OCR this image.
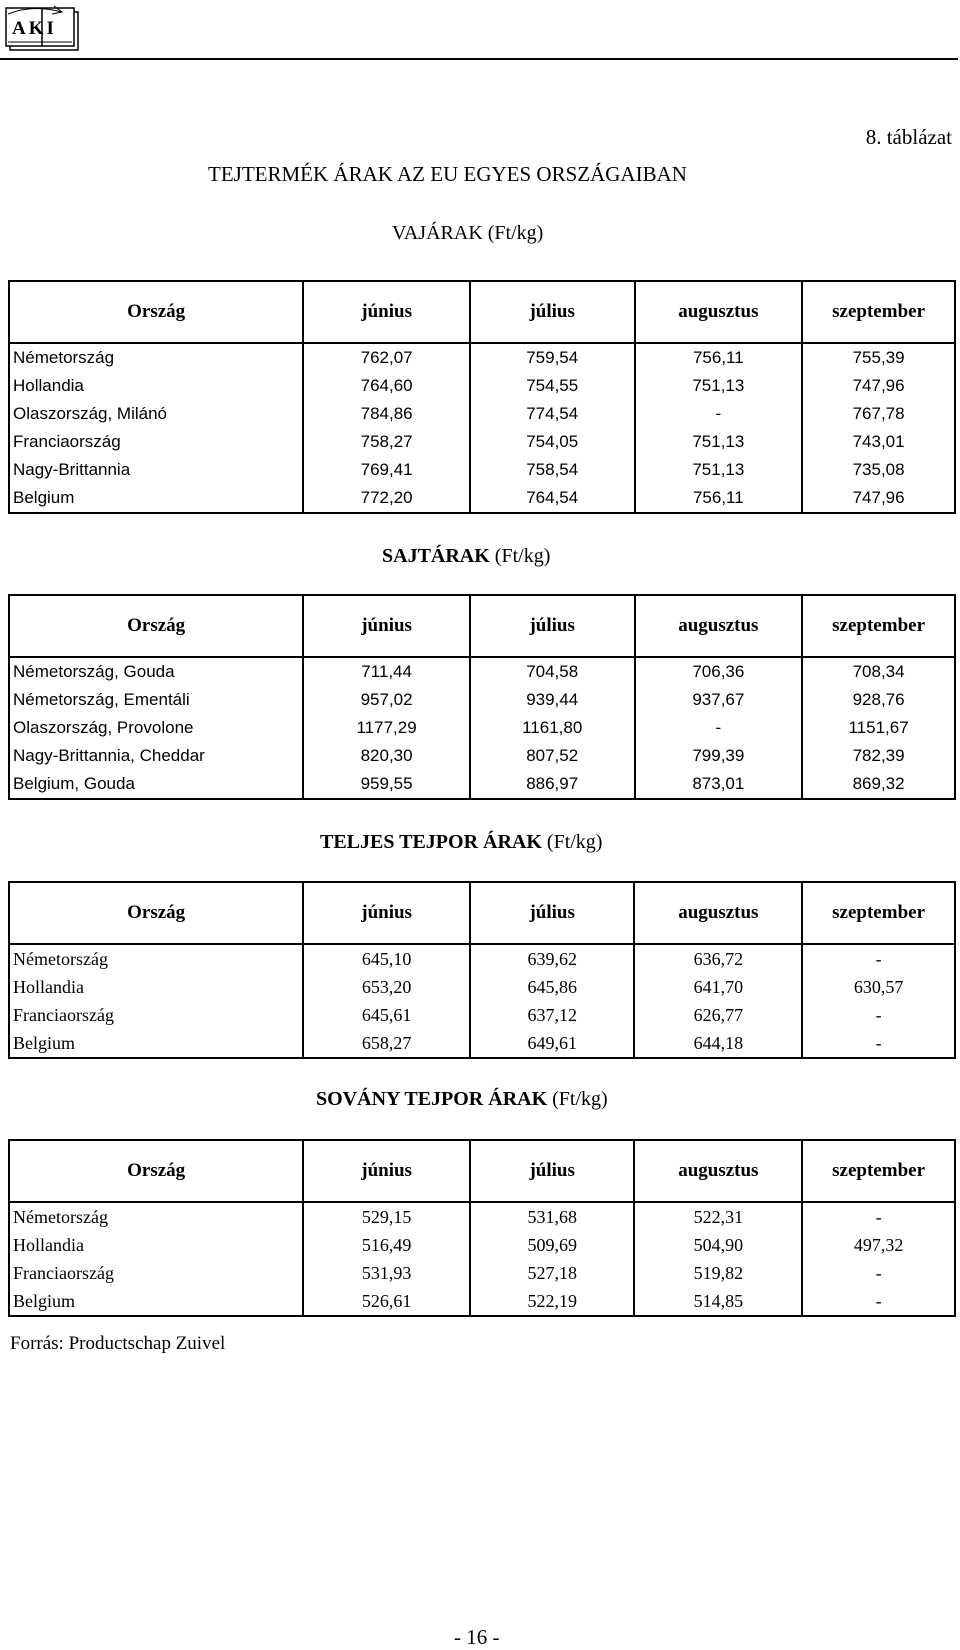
AKI
8. táblázat
TEJTERMÉK ÁRAK AZ EU EGYES ORSZÁGAIBAN
VAJÁRAK (Ft/kg)
Ország	június	július	augusztus	szeptember
Németország	762,07	759,54	756,11	755,39
Hollandia	764,60	754,55	751,13	747,96
Olaszország, Milánó	784,86	774,54	-	767,78
Franciaország	758,27	754,05	751,13	743,01
Nagy-Brittannia	769,41	758,54	751,13	735,08
Belgium	772,20	764,54	756,11	747,96
SAJTÁRAK (Ft/kg)
Ország	június	július	augusztus	szeptember
Németország, Gouda	711,44	704,58	706,36	708,34
Németország, Ementáli	957,02	939,44	937,67	928,76
Olaszország, Provolone	1177,29	1161,80	-	1151,67
Nagy-Brittannia, Cheddar	820,30	807,52	799,39	782,39
Belgium, Gouda	959,55	886,97	873,01	869,32
TELJES TEJPOR ÁRAK (Ft/kg)
Ország	június	július	augusztus	szeptember
Németország	645,10	639,62	636,72	-
Hollandia	653,20	645,86	641,70	630,57
Franciaország	645,61	637,12	626,77	-
Belgium	658,27	649,61	644,18	-
SOVÁNY TEJPOR ÁRAK (Ft/kg)
Ország	június	július	augusztus	szeptember
Németország	529,15	531,68	522,31	-
Hollandia	516,49	509,69	504,90	497,32
Franciaország	531,93	527,18	519,82	-
Belgium	526,61	522,19	514,85	-
Forrás: Productschap Zuivel
- 16 -
